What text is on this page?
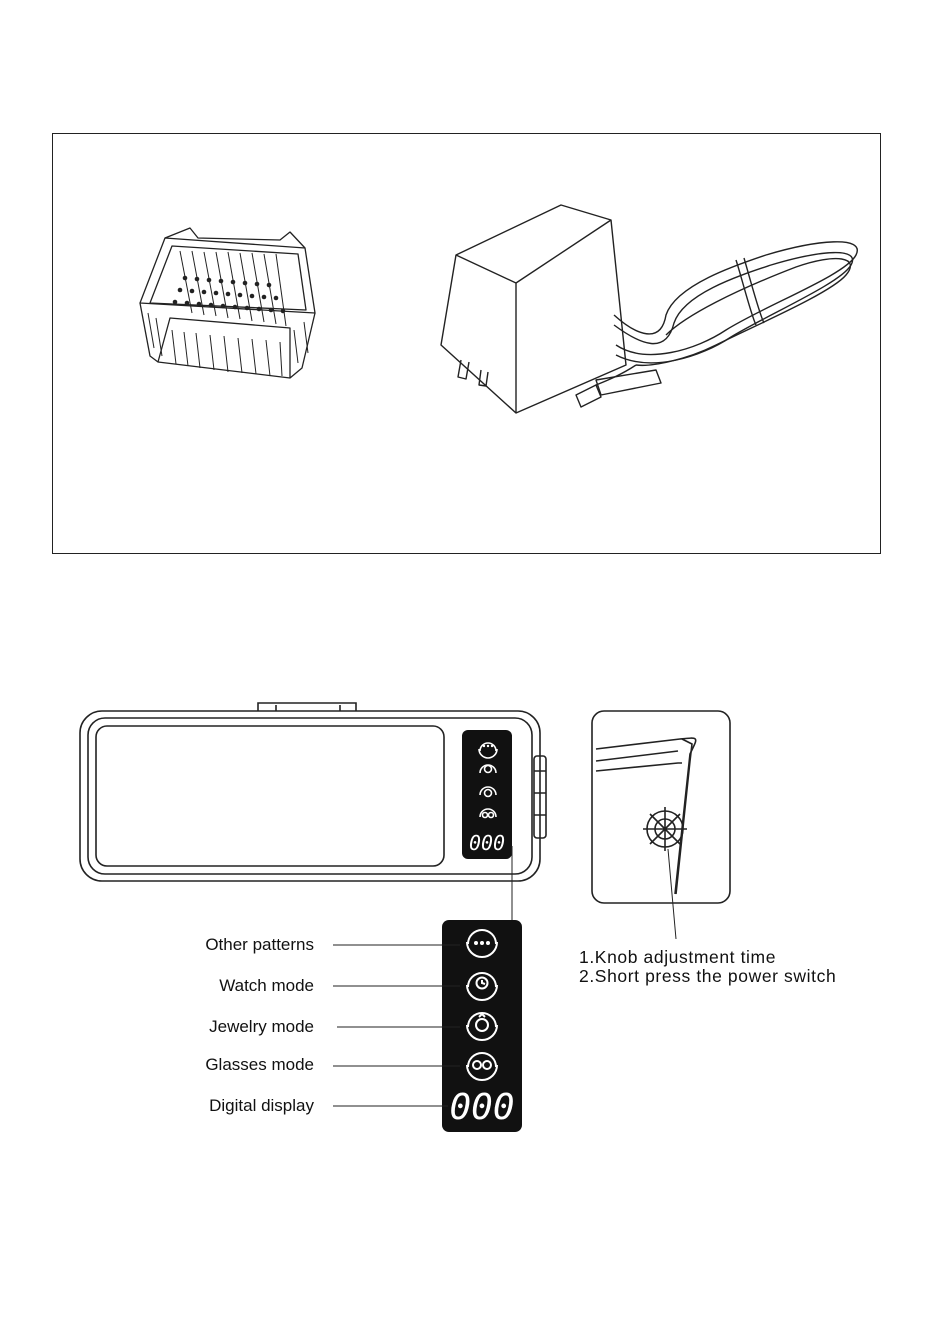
000
000
Other patterns
Watch mode
Jewelry mode
Glasses mode
Digital display
1.Knob adjustment time
2.Short press the power switch
